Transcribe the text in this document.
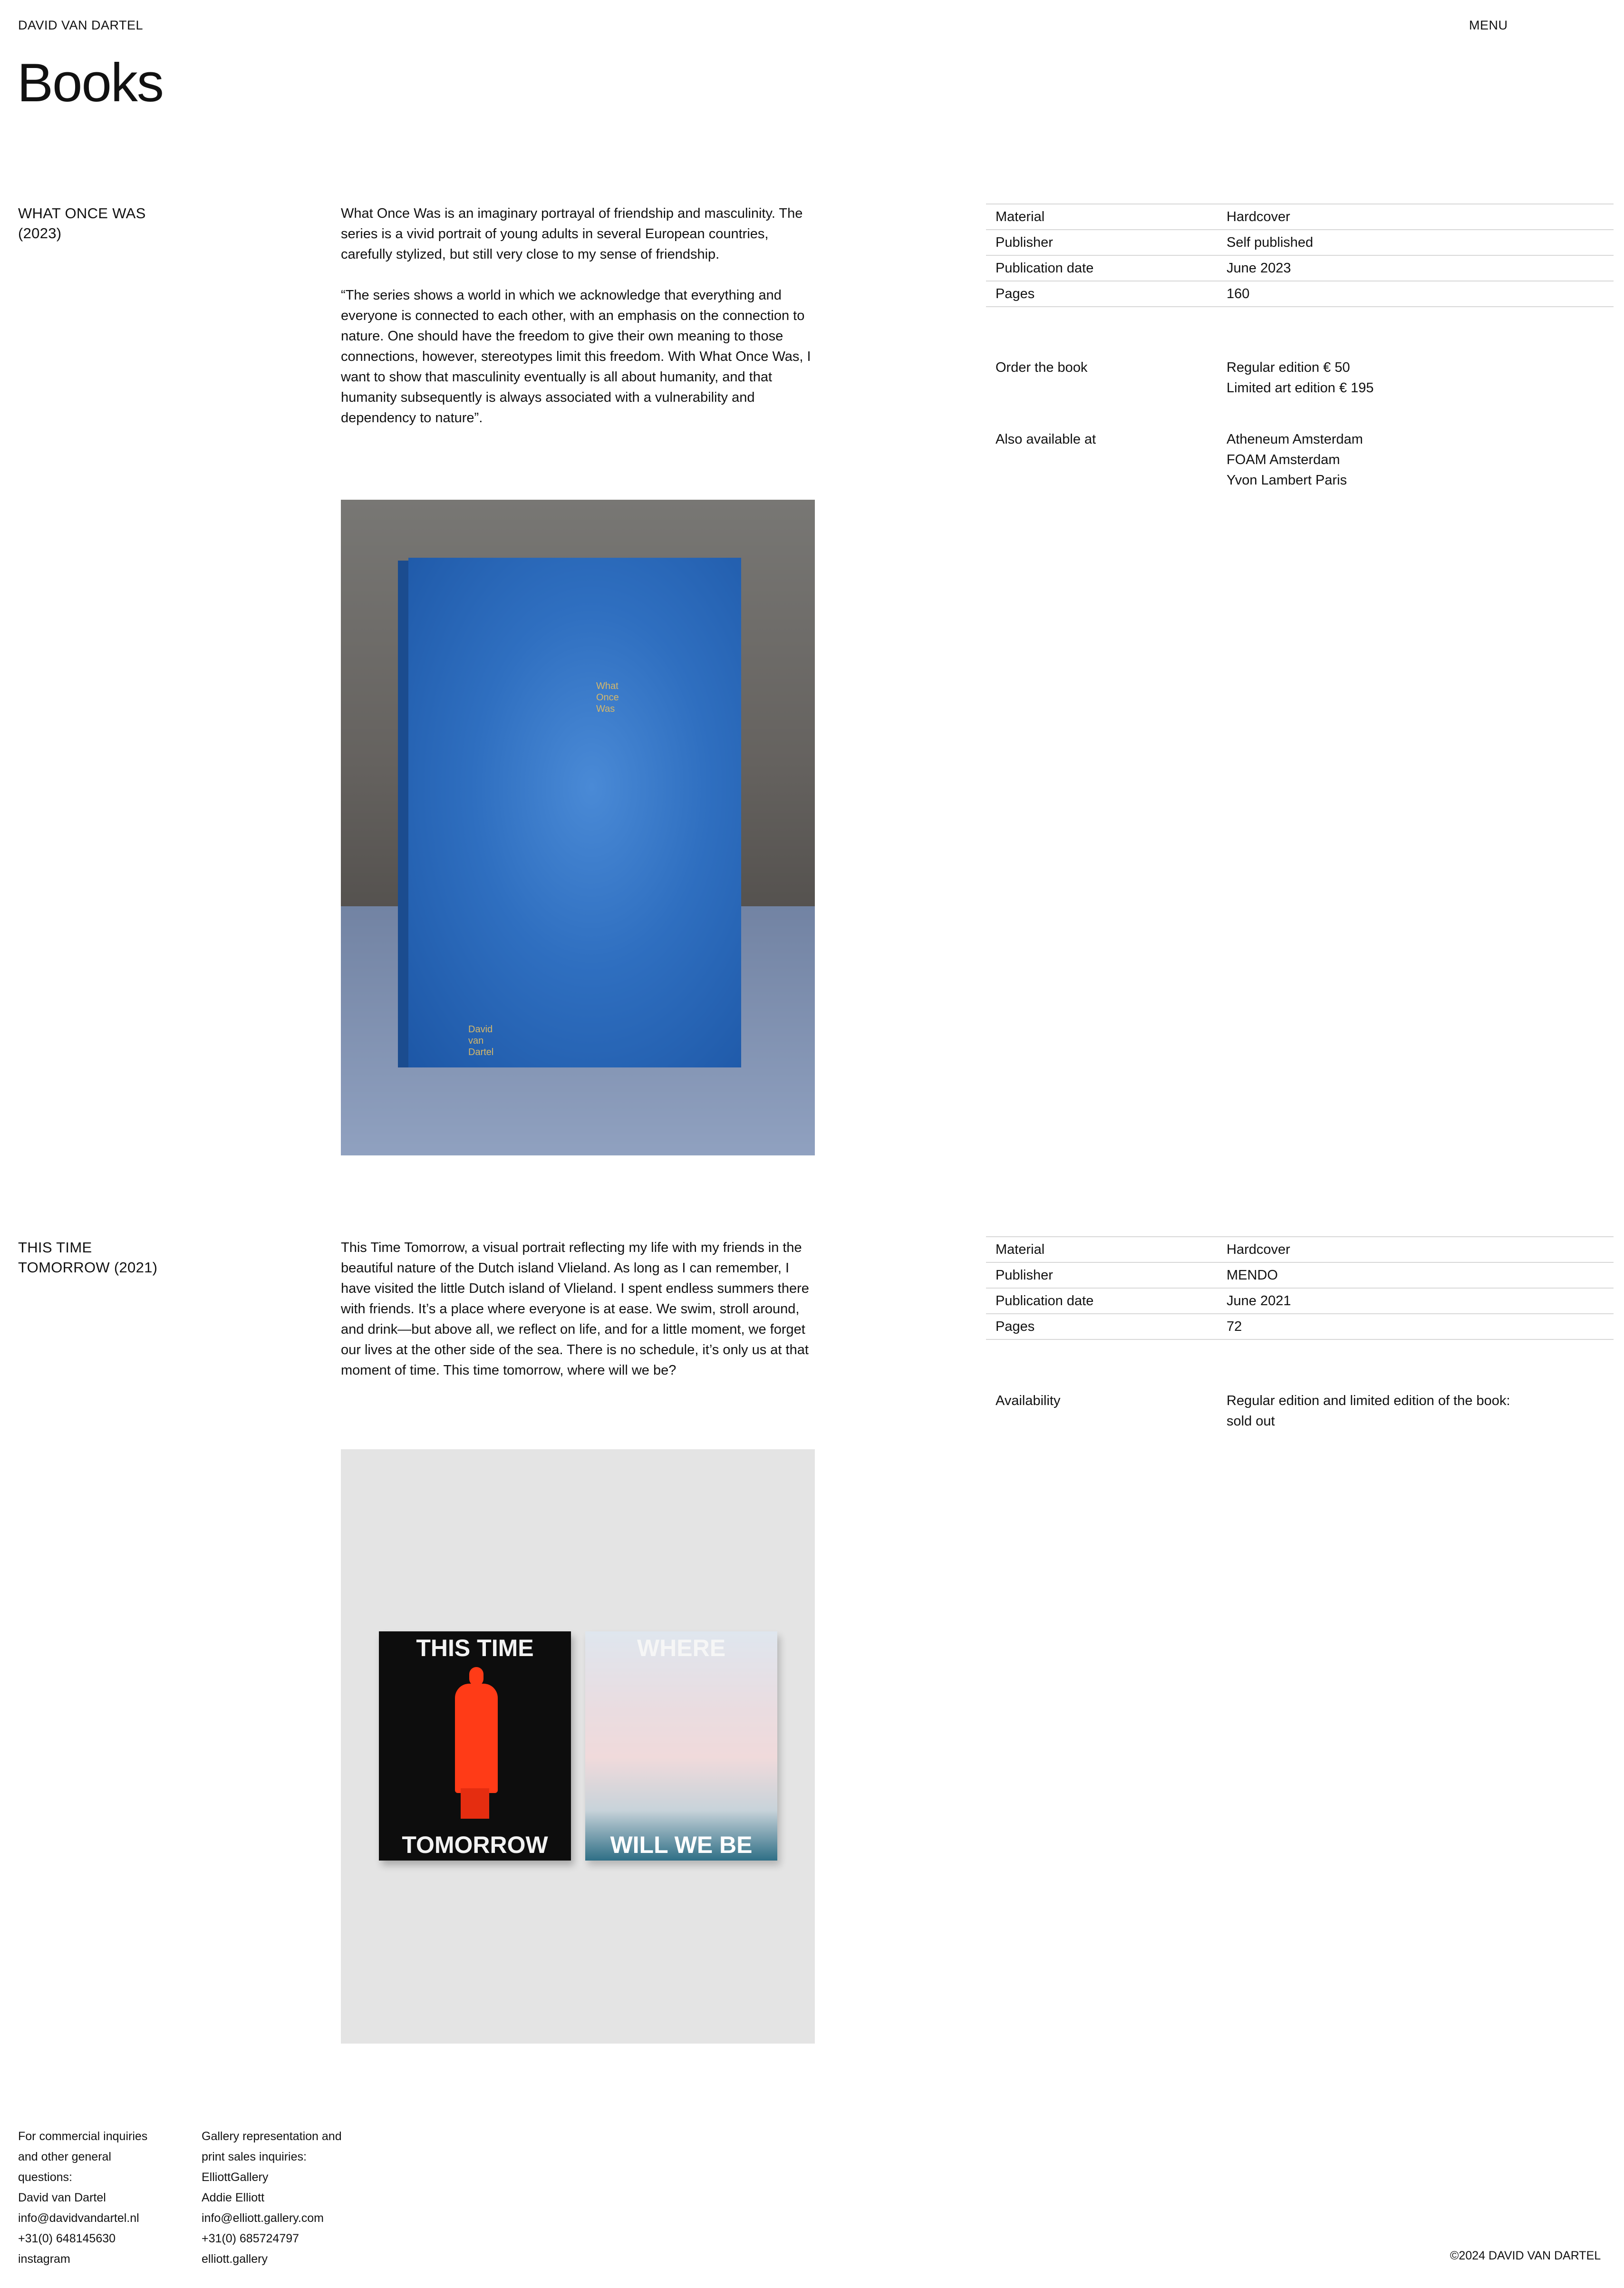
DAVID VAN DARTEL	MENU
Books
WHAT ONCE WAS
(2023)

What Once Was is an imaginary portrayal of friendship and masculinity. The series is a vivid portrait of young adults in several European countries, carefully stylized, but still very close to my sense of friendship.

“The series shows a world in which we acknowledge that everything and everyone is connected to each other, with an emphasis on the connection to nature. One should have the freedom to give their own meaning to those connections, however, stereotypes limit this freedom. With What Once Was, I want to show that masculinity eventually is all about humanity, and that humanity subsequently is always associated with a vulnerability and dependency to nature”.

Material	Hardcover
Publisher	Self published
Publication date	June 2023
Pages	160
Order the book	Regular edition € 50
Limited art edition € 195
Also available at	Atheneum Amsterdam
FOAM Amsterdam
Yvon Lambert Paris
What
Once
Was
David
van
Dartel
THIS TIME
TOMORROW (2021)

This Time Tomorrow, a visual portrait reflecting my life with my friends in the beautiful nature of the Dutch island Vlieland. As long as I can remember, I have visited the little Dutch island of Vlieland. I spent endless summers there with friends. It’s a place where everyone is at ease. We swim, stroll around, and drink—but above all, we reflect on life, and for a little moment, we forget our lives at the other side of the sea. There is no schedule, it’s only us at that moment of time. This time tomorrow, where will we be?

Material	Hardcover
Publisher	MENDO
Publication date	June 2021
Pages	72
Availability	Regular edition and limited edition of the book: sold out
THIS TIME
TOMORROW
WHERE
WILL WE BE
For commercial inquiries
and other general
questions:
David van Dartel
info@davidvandartel.nl
+31(0) 648145630
instagram
Gallery representation and
print sales inquiries:
ElliottGallery
Addie Elliott
info@elliott.gallery.com
+31(0) 685724797
elliott.gallery	©2024 DAVID VAN DARTEL
